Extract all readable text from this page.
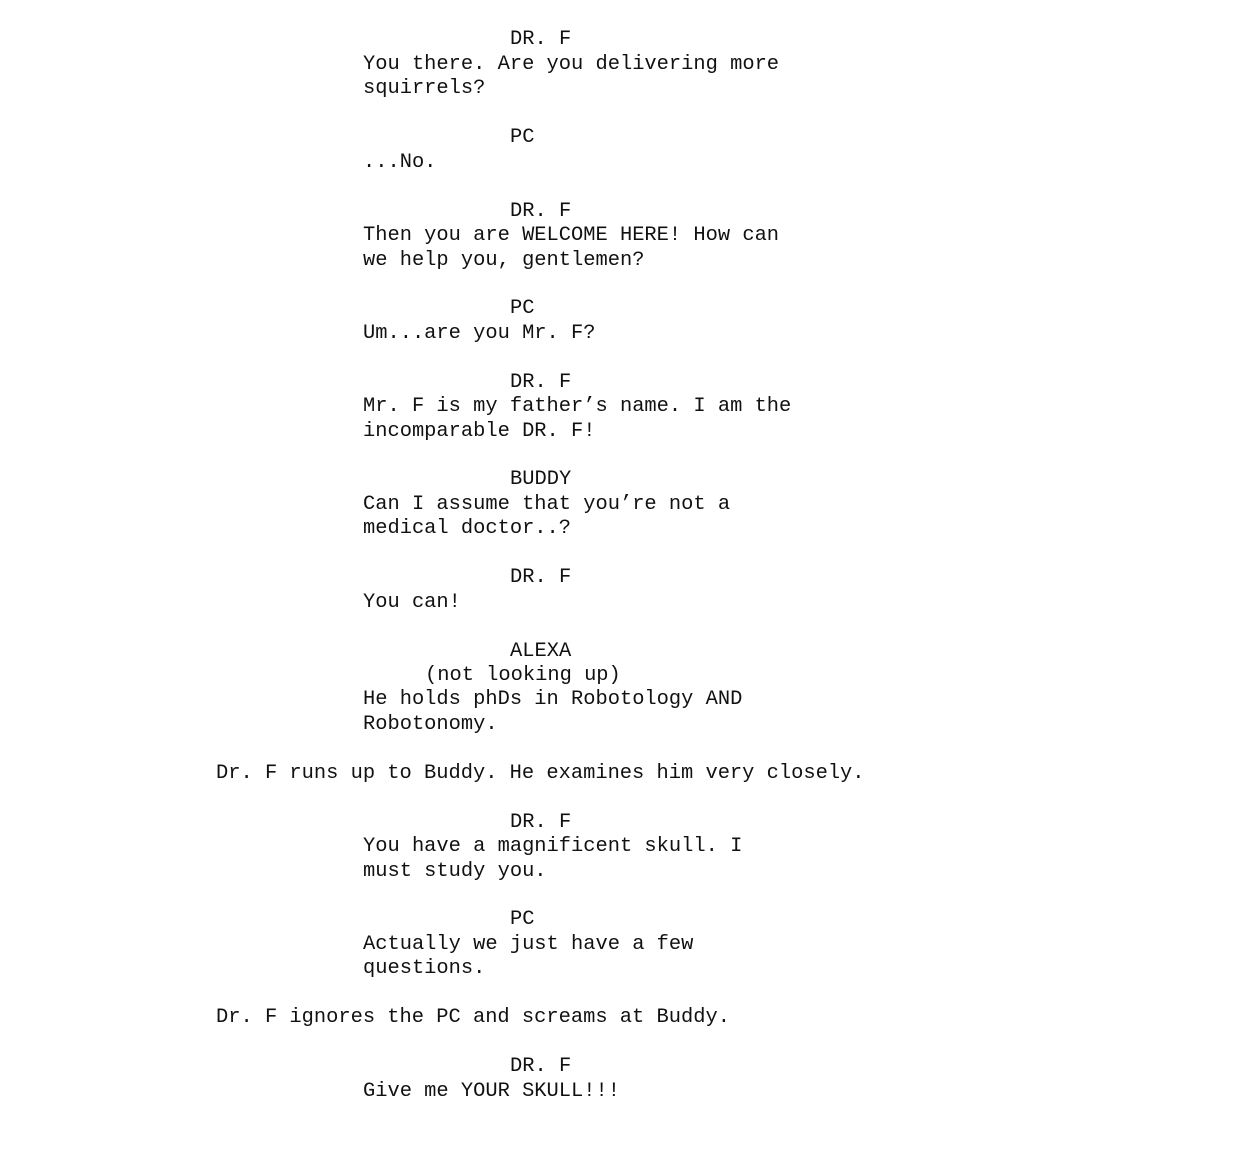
DR. F
You there. Are you delivering more
squirrels?
PC
...No.
DR. F
Then you are WELCOME HERE! How can
we help you, gentlemen?
PC
Um...are you Mr. F?
DR. F
Mr. F is my father’s name. I am the
incomparable DR. F!
BUDDY
Can I assume that you’re not a
medical doctor..?
DR. F
You can!
ALEXA
(not looking up)
He holds phDs in Robotology AND
Robotonomy.
Dr. F runs up to Buddy. He examines him very closely.
DR. F
You have a magnificent skull. I
must study you.
PC
Actually we just have a few
questions.
Dr. F ignores the PC and screams at Buddy.
DR. F
Give me YOUR SKULL!!!
